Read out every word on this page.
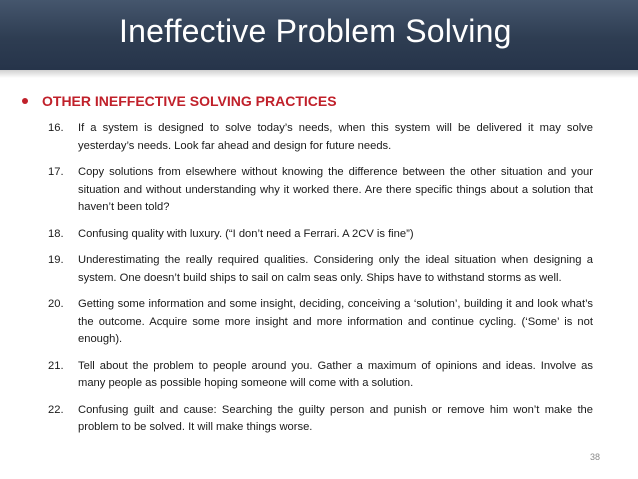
Ineffective Problem Solving
OTHER INEFFECTIVE SOLVING PRACTICES
16.	If a system is designed to solve today’s needs, when this system will be delivered it may solve yesterday’s needs. Look far ahead and design for future needs.
17.	Copy solutions from elsewhere without knowing the difference between the other situation and your situation and without understanding why it worked there. Are there specific things about a solution that haven’t been told?
18.	Confusing quality with luxury. (“I don’t need a Ferrari. A 2CV is fine”)
19.	Underestimating the really required qualities. Considering only the ideal situation when designing a system. One doesn’t build ships to sail on calm seas only. Ships have to withstand storms as well.
20.	Getting some information and some insight, deciding, conceiving a ‘solution’, building it and look what’s the outcome. Acquire some more insight and more information and continue cycling. (‘Some’ is not enough).
21.	Tell about the problem to people around you. Gather a maximum of opinions and ideas. Involve as many people as possible hoping someone will come with a solution.
22.	Confusing guilt and cause: Searching the guilty person and punish or remove him won’t make the problem to be solved. It will make things worse.
38
